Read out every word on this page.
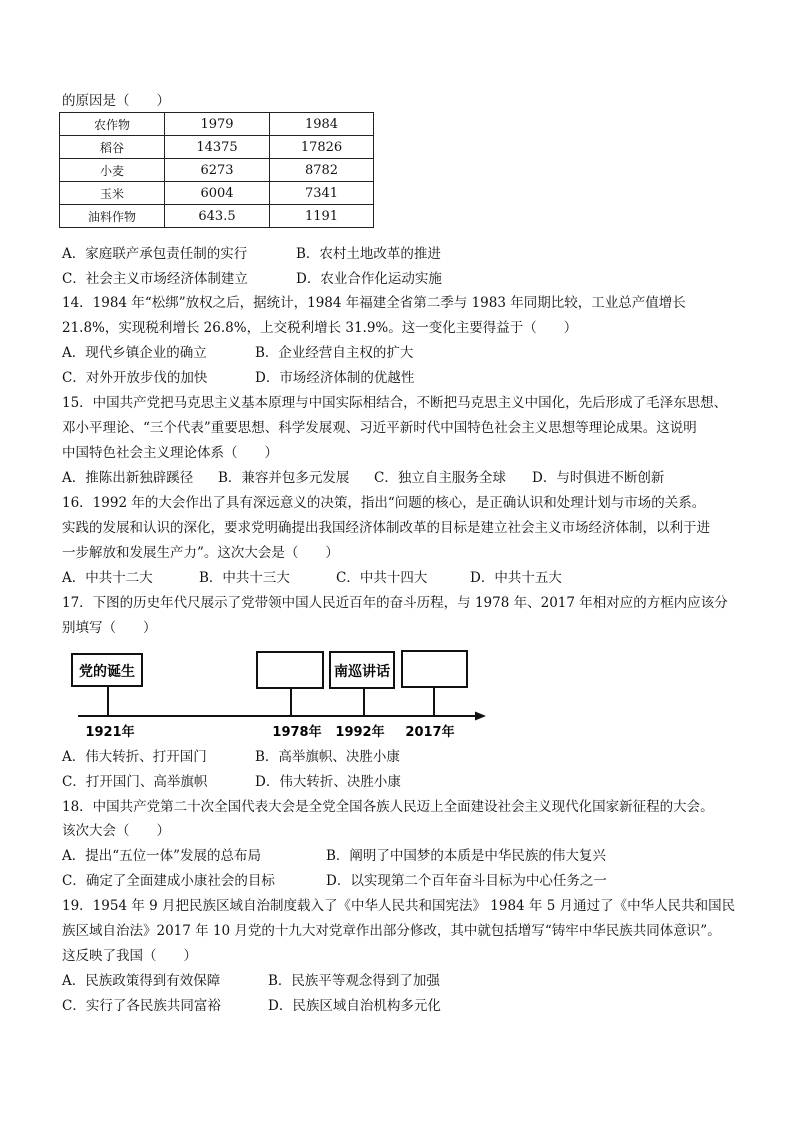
的原因是（　　）
农作物	1979	1984
稻谷	14375	17826
小麦	6273	8782
玉米	6004	7341
油料作物	643.5	1191
A．家庭联产承包责任制的实行	B．农村土地改革的推进
C．社会主义市场经济体制建立	D．农业合作化运动实施
14．1984 年“松绑”放权之后，据统计，1984 年福建全省第二季与 1983 年同期比较，工业总产值增长
21.8%，实现税利增长 26.8%，上交税利增长 31.9%。这一变化主要得益于（　　）
A．现代乡镇企业的确立	B．企业经营自主权的扩大
C．对外开放步伐的加快	D．市场经济体制的优越性
15．中国共产党把马克思主义基本原理与中国实际相结合，不断把马克思主义中国化，先后形成了毛泽东思想、
邓小平理论、“三个代表”重要思想、科学发展观、习近平新时代中国特色社会主义思想等理论成果。这说明
中国特色社会主义理论体系（　　）
A．推陈出新独辟蹊径 B．兼容并包多元发展 C．独立自主服务全球 D．与时俱进不断创新
16．1992 年的大会作出了具有深远意义的决策，指出“问题的核心，是正确认识和处理计划与市场的关系。
实践的发展和认识的深化，要求党明确提出我国经济体制改革的目标是建立社会主义市场经济体制，以利于进
一步解放和发展生产力”。这次大会是（　　）
A．中共十二大	B．中共十三大	C．中共十四大	D．中共十五大
17．下图的历史年代尺展示了党带领中国人民近百年的奋斗历程，与 1978 年、2017 年相对应的方框内应该分
别填写（　　）
党的诞生	南巡讲话
1921年	1978年 1992年 2017年
A．伟大转折、打开国门	B．高举旗帜、决胜小康
C．打开国门、高举旗帜	D．伟大转折、决胜小康
18．中国共产党第二十次全国代表大会是全党全国各族人民迈上全面建设社会主义现代化国家新征程的大会。
该次大会（　　）
A．提出“五位一体”发展的总布局	B．阐明了中国梦的本质是中华民族的伟大复兴
C．确定了全面建成小康社会的目标	D．以实现第二个百年奋斗目标为中心任务之一
19．1954 年 9 月把民族区域自治制度载入了《中华人民共和国宪法》 1984 年 5 月通过了《中华人民共和国民
族区域自治法》2017 年 10 月党的十九大对党章作出部分修改，其中就包括增写“铸牢中华民族共同体意识”。
这反映了我国（　　）
A．民族政策得到有效保障	B．民族平等观念得到了加强
C．实行了各民族共同富裕	D．民族区域自治机构多元化
